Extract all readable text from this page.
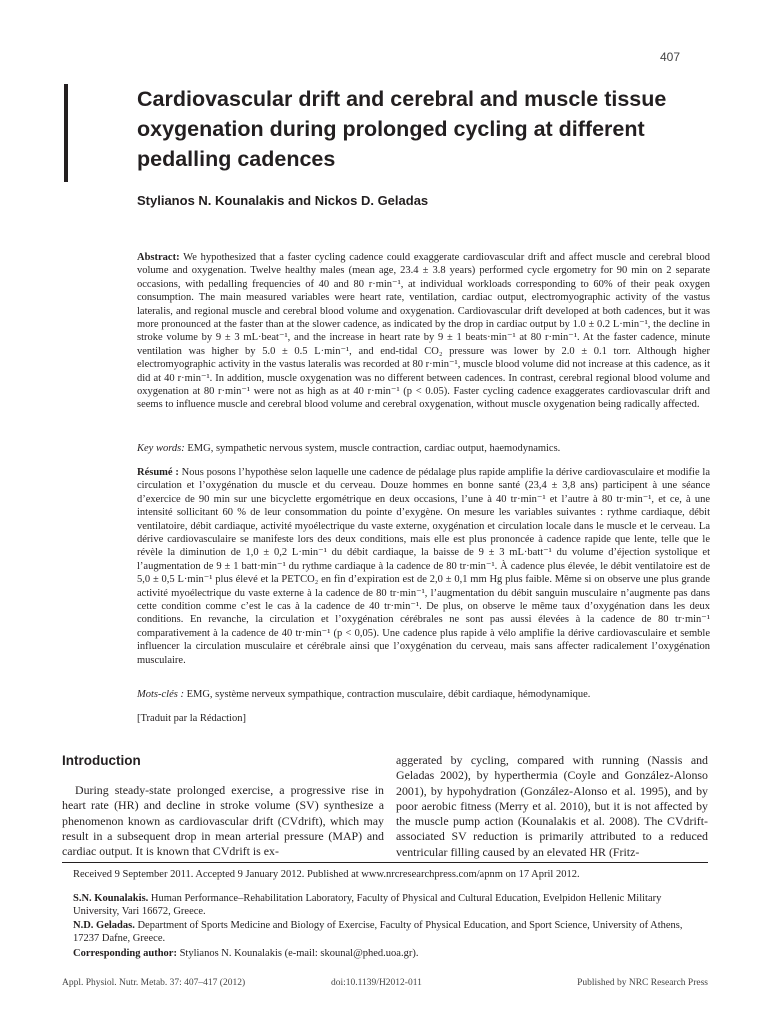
407
Cardiovascular drift and cerebral and muscle tissue oxygenation during prolonged cycling at different pedalling cadences
Stylianos N. Kounalakis and Nickos D. Geladas

Abstract: We hypothesized that a faster cycling cadence could exaggerate cardiovascular drift and affect muscle and cerebral blood volume and oxygenation. Twelve healthy males (mean age, 23.4 ± 3.8 years) performed cycle ergometry for 90 min on 2 separate occasions, with pedalling frequencies of 40 and 80 r·min⁻¹, at individual workloads corresponding to 60% of their peak oxygen consumption. The main measured variables were heart rate, ventilation, cardiac output, electromyographic activity of the vastus lateralis, and regional muscle and cerebral blood volume and oxygenation. Cardiovascular drift developed at both cadences, but it was more pronounced at the faster than at the slower cadence, as indicated by the drop in cardiac output by 1.0 ± 0.2 L·min⁻¹, the decline in stroke volume by 9 ± 3 mL·beat⁻¹, and the increase in heart rate by 9 ± 1 beats·min⁻¹ at 80 r·min⁻¹. At the faster cadence, minute ventilation was higher by 5.0 ± 0.5 L·min⁻¹, and end-tidal CO₂ pressure was lower by 2.0 ± 0.1 torr. Although higher electromyographic activity in the vastus lateralis was recorded at 80 r·min⁻¹, muscle blood volume did not increase at this cadence, as it did at 40 r·min⁻¹. In addition, muscle oxygenation was no different between cadences. In contrast, cerebral regional blood volume and oxygenation at 80 r·min⁻¹ were not as high as at 40 r·min⁻¹ (p < 0.05). Faster cycling cadence exaggerates cardiovascular drift and seems to influence muscle and cerebral blood volume and cerebral oxygenation, without muscle oxygenation being radically affected.

Key words: EMG, sympathetic nervous system, muscle contraction, cardiac output, haemodynamics.

Résumé : Nous posons l’hypothèse selon laquelle une cadence de pédalage plus rapide amplifie la dérive cardiovasculaire et modifie la circulation et l’oxygénation du muscle et du cerveau. Douze hommes en bonne santé (23,4 ± 3,8 ans) participent à une séance d’exercice de 90 min sur une bicyclette ergométrique en deux occasions, l’une à 40 tr·min⁻¹ et l’autre à 80 tr·min⁻¹, et ce, à une intensité sollicitant 60 % de leur consommation du pointe d’exygène. On mesure les variables suivantes : rythme cardiaque, débit ventilatoire, débit cardiaque, activité myoélectrique du vaste externe, oxygénation et circulation locale dans le muscle et le cerveau. La dérive cardiovasculaire se manifeste lors des deux conditions, mais elle est plus prononcée à cadence rapide que lente, telle que le révèle la diminution de 1,0 ± 0,2 L·min⁻¹ du débit cardiaque, la baisse de 9 ± 3 mL·batt⁻¹ du volume d’éjection systolique et l’augmentation de 9 ± 1 batt·min⁻¹ du rythme cardiaque à la cadence de 80 tr·min⁻¹. À cadence plus élevée, le débit ventilatoire est de 5,0 ± 0,5 L·min⁻¹ plus élevé et la PETCO₂ en fin d’expiration est de 2,0 ± 0,1 mm Hg plus faible. Même si on observe une plus grande activité myoélectrique du vaste externe à la cadence de 80 tr·min⁻¹, l’augmentation du débit sanguin musculaire n’augmente pas dans cette condition comme c’est le cas à la cadence de 40 tr·min⁻¹. De plus, on observe le même taux d’oxygénation dans les deux conditions. En revanche, la circulation et l’oxygénation cérébrales ne sont pas aussi élevées à la cadence de 80 tr·min⁻¹ comparativement à la cadence de 40 tr·min⁻¹ (p < 0,05). Une cadence plus rapide à vélo amplifie la dérive cardiovasculaire et semble influencer la circulation musculaire et cérébrale ainsi que l’oxygénation du cerveau, mais sans affecter radicalement l’oxygénation musculaire.

Mots-clés : EMG, système nerveux sympathique, contraction musculaire, débit cardiaque, hémodynamique.

[Traduit par la Rédaction]

Introduction

During steady-state prolonged exercise, a progressive rise in heart rate (HR) and decline in stroke volume (SV) synthesize a phenomenon known as cardiovascular drift (CVdrift), which may result in a subsequent drop in mean arterial pressure (MAP) and cardiac output. It is known that CVdrift is ex-

aggerated by cycling, compared with running (Nassis and Geladas 2002), by hyperthermia (Coyle and González-Alonso 2001), by hypohydration (González-Alonso et al. 1995), and by poor aerobic fitness (Merry et al. 2010), but it is not affected by the muscle pump action (Kounalakis et al. 2008). The CVdrift-associated SV reduction is primarily attributed to a reduced ventricular filling caused by an elevated HR (Fritz-

Received 9 September 2011. Accepted 9 January 2012. Published at www.nrcresearchpress.com/apnm on 17 April 2012.

S.N. Kounalakis. Human Performance–Rehabilitation Laboratory, Faculty of Physical and Cultural Education, Evelpidon Hellenic Military University, Vari 16672, Greece.

N.D. Geladas. Department of Sports Medicine and Biology of Exercise, Faculty of Physical Education, and Sport Science, University of Athens, 17237 Dafne, Greece.

Corresponding author: Stylianos N. Kounalakis (e-mail: skounal@phed.uoa.gr).

Appl. Physiol. Nutr. Metab. 37: 407–417 (2012)	doi:10.1139/H2012-011	Published by NRC Research Press
